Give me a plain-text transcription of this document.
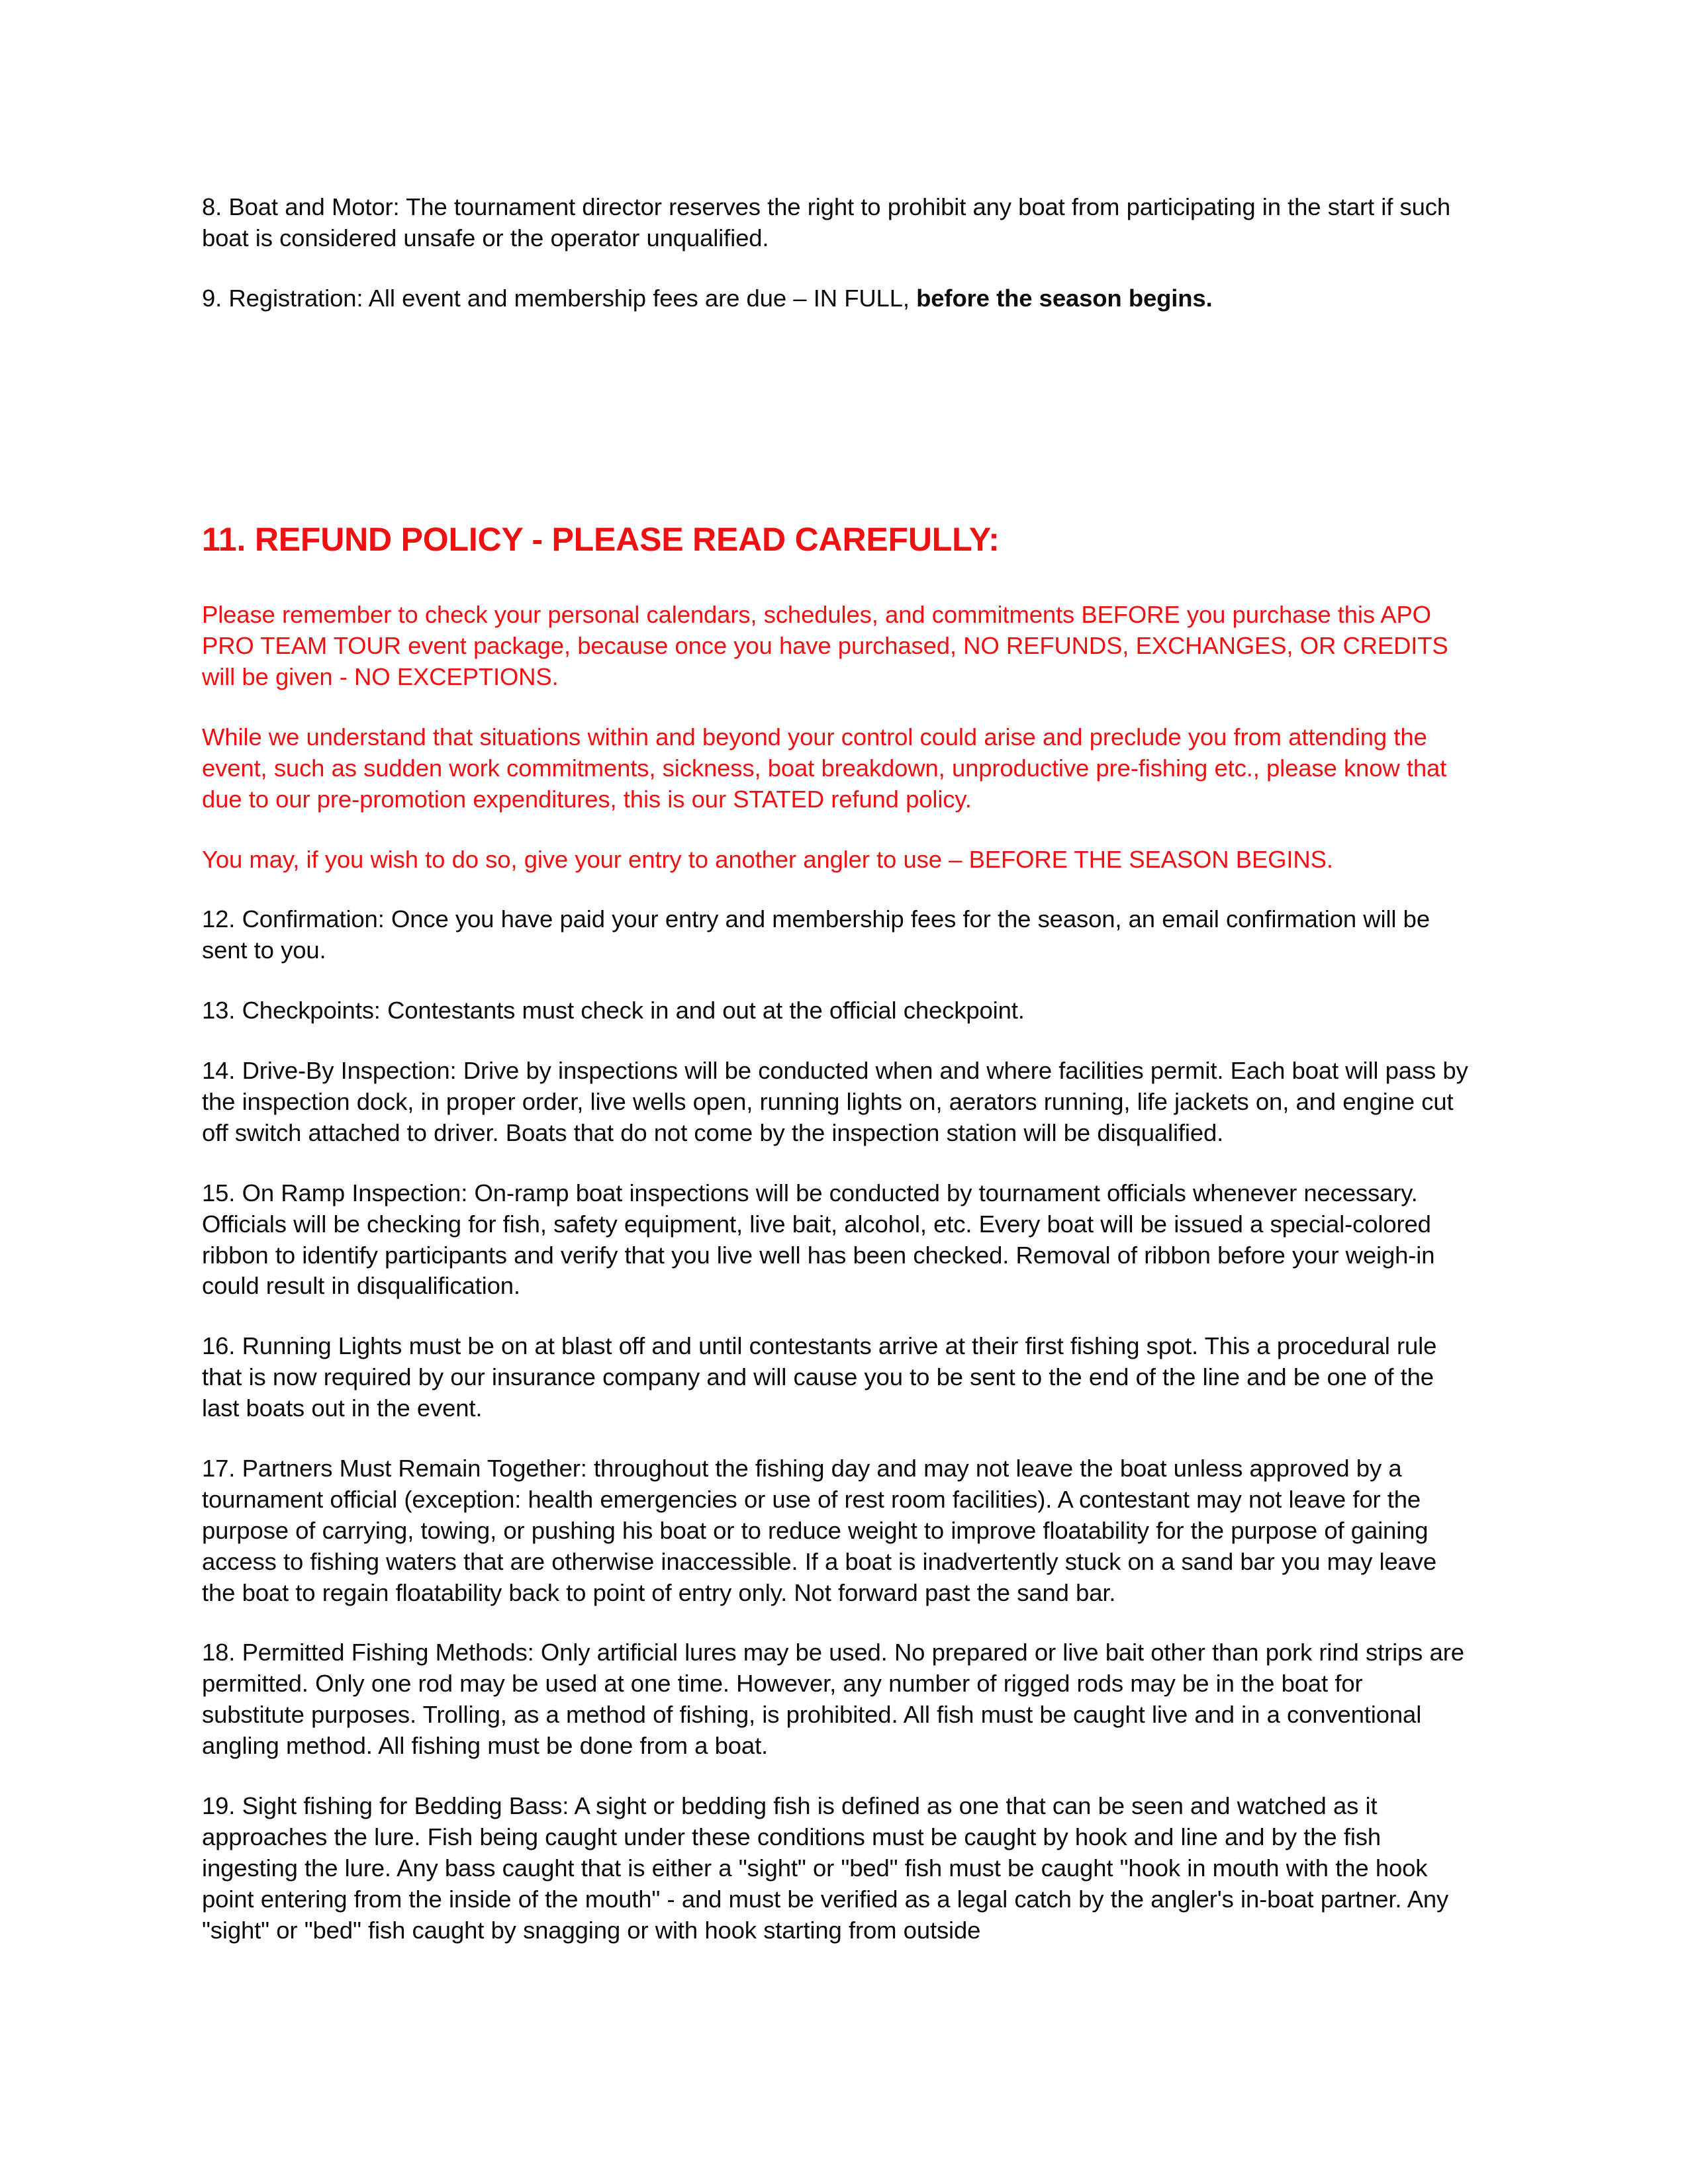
8. Boat and Motor: The tournament director reserves the right to prohibit any boat from participating in the start if such boat is considered unsafe or the operator unqualified.

9. Registration: All event and membership fees are due – IN FULL, before the season begins.

11. REFUND POLICY - PLEASE READ CAREFULLY:

Please remember to check your personal calendars, schedules, and commitments BEFORE you purchase this APO PRO TEAM TOUR event package, because once you have purchased, NO REFUNDS, EXCHANGES, OR CREDITS will be given - NO EXCEPTIONS.

While we understand that situations within and beyond your control could arise and preclude you from attending the event, such as sudden work commitments, sickness, boat breakdown, unproductive pre-fishing etc., please know that due to our pre-promotion expenditures, this is our STATED refund policy.

You may, if you wish to do so, give your entry to another angler to use – BEFORE THE SEASON BEGINS.

12. Confirmation: Once you have paid your entry and membership fees for the season, an email confirmation will be sent to you.

13. Checkpoints: Contestants must check in and out at the official checkpoint.

14. Drive-By Inspection: Drive by inspections will be conducted when and where facilities permit. Each boat will pass by the inspection dock, in proper order, live wells open, running lights on, aerators running, life jackets on, and engine cut off switch attached to driver. Boats that do not come by the inspection station will be disqualified.

15. On Ramp Inspection: On-ramp boat inspections will be conducted by tournament officials whenever necessary. Officials will be checking for fish, safety equipment, live bait, alcohol, etc. Every boat will be issued a special-colored ribbon to identify participants and verify that you live well has been checked. Removal of ribbon before your weigh-in could result in disqualification.

16. Running Lights must be on at blast off and until contestants arrive at their first fishing spot. This a procedural rule that is now required by our insurance company and will cause you to be sent to the end of the line and be one of the last boats out in the event.

17. Partners Must Remain Together: throughout the fishing day and may not leave the boat unless approved by a tournament official (exception: health emergencies or use of rest room facilities). A contestant may not leave for the purpose of carrying, towing, or pushing his boat or to reduce weight to improve floatability for the purpose of gaining access to fishing waters that are otherwise inaccessible. If a boat is inadvertently stuck on a sand bar you may leave the boat to regain floatability back to point of entry only. Not forward past the sand bar.

18. Permitted Fishing Methods: Only artificial lures may be used. No prepared or live bait other than pork rind strips are permitted. Only one rod may be used at one time. However, any number of rigged rods may be in the boat for substitute purposes. Trolling, as a method of fishing, is prohibited. All fish must be caught live and in a conventional angling method. All fishing must be done from a boat.

19. Sight fishing for Bedding Bass: A sight or bedding fish is defined as one that can be seen and watched as it approaches the lure. Fish being caught under these conditions must be caught by hook and line and by the fish ingesting the lure. Any bass caught that is either a "sight" or "bed" fish must be caught "hook in mouth with the hook point entering from the inside of the mouth" - and must be verified as a legal catch by the angler's in-boat partner. Any "sight" or "bed" fish caught by snagging or with hook starting from outside
